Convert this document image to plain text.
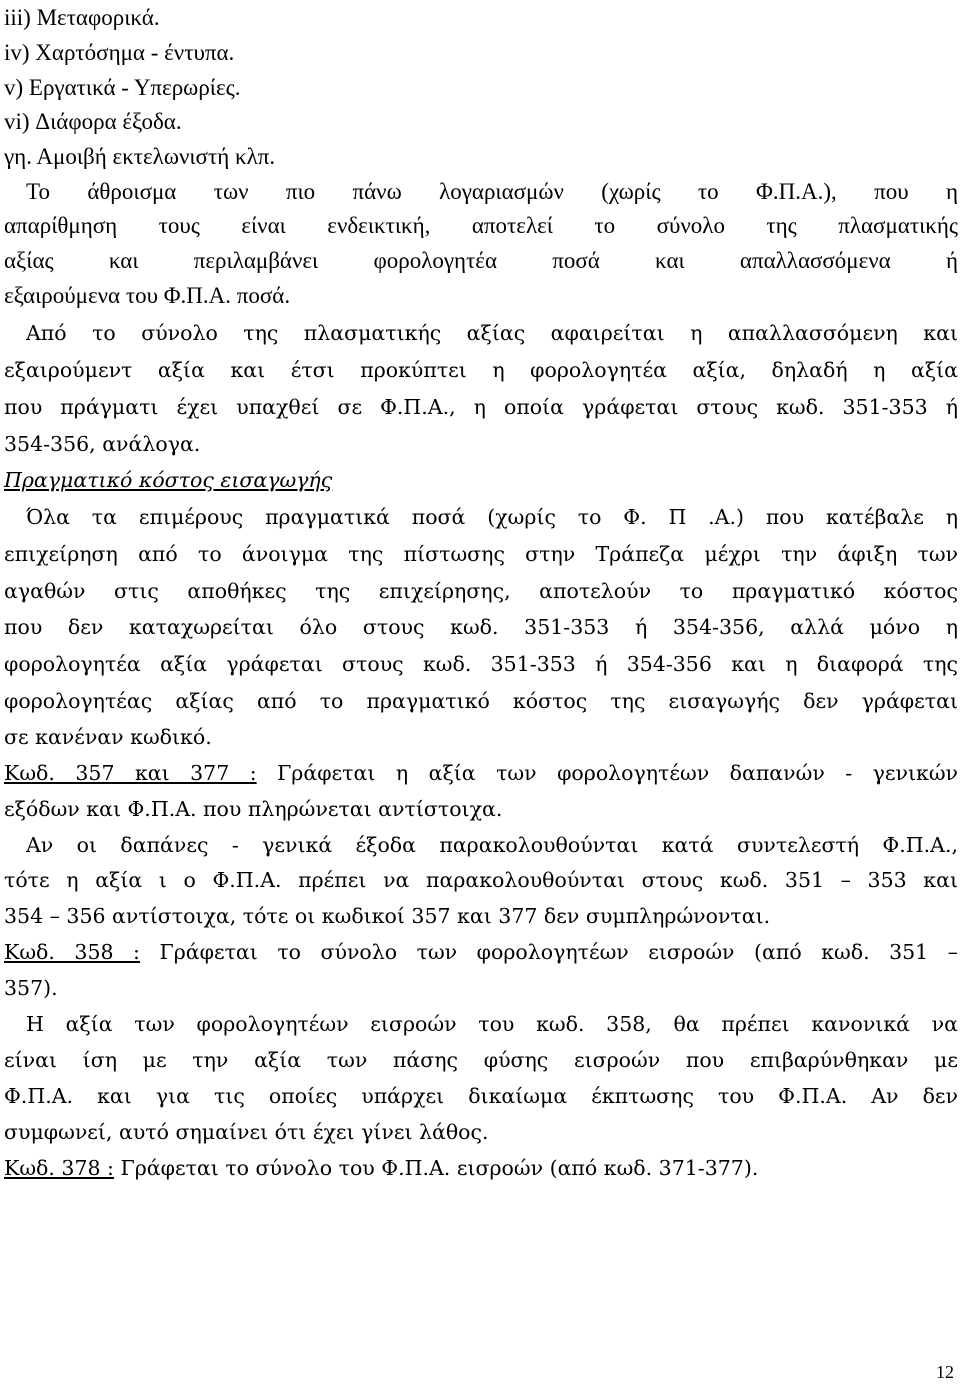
iii) Μεταφορικά.
iv) Χαρτόσημα - έντυπα.
v) Εργατικά - Υπερωρίες.
vi) Διάφορα έξοδα.
γη. Αμοιβή εκτελωνιστή κλπ.
Το άθροισμα των πιο πάνω λογαριασμών (χωρίς το Φ.Π.Α.), που η
απαρίθμηση τους είναι ενδεικτική, αποτελεί το σύνολο της πλασματικής
αξίας και περιλαμβάνει φορολογητέα ποσά και απαλλασσόμενα ή
εξαιρούμενα του Φ.Π.Α. ποσά.
Από το σύνολο της πλασματικής αξίας αφαιρείται η απαλλασσόμενη και
εξαιρούμεντ αξία και έτσι προκύπτει η φορολογητέα αξία, δηλαδή η αξία
που πράγματι έχει υπαχθεί σε Φ.Π.Α., η οποία γράφεται στους κωδ. 351-353 ή
354-356, ανάλογα.
Πραγματικό κόστος εισαγωγής
Όλα τα επιμέρους πραγματικά ποσά (χωρίς το Φ. Π .Α.) που κατέβαλε η
επιχείρηση από το άνοιγμα της πίστωσης στην Τράπεζα μέχρι την άφιξη των
αγαθών στις αποθήκες της επιχείρησης, αποτελούν το πραγματικό κόστος
που δεν καταχωρείται όλο στους κωδ. 351-353 ή 354-356, αλλά μόνο η
φορολογητέα αξία γράφεται στους κωδ. 351-353 ή 354-356 και η διαφορά της
φορολογητέας αξίας από το πραγματικό κόστος της εισαγωγής δεν γράφεται
σε κανέναν κωδικό.
Κωδ. 357 και 377 : Γράφεται η αξία των φορολογητέων δαπανών - γενικών
εξόδων και Φ.Π.Α. που πληρώνεται αντίστοιχα.
Αν οι δαπάνες - γενικά έξοδα παρακολουθούνται κατά συντελεστή Φ.Π.Α.,
τότε η αξία ι ο Φ.Π.Α. πρέπει να παρακολουθούνται στους κωδ. 351 – 353 και
354 – 356 αντίστοιχα, τότε οι κωδικοί 357 και 377 δεν συμπληρώνονται.
Κωδ. 358 : Γράφεται το σύνολο των φορολογητέων εισροών (από κωδ. 351 –
357).
Η αξία των φορολογητέων εισροών του κωδ. 358, θα πρέπει κανονικά να
είναι ίση με την αξία των πάσης φύσης εισροών που επιβαρύνθηκαν με
Φ.Π.Α. και για τις οποίες υπάρχει δικαίωμα έκπτωσης του Φ.Π.Α. Αν δεν
συμφωνεί, αυτό σημαίνει ότι έχει γίνει λάθος.
Κωδ. 378 : Γράφεται το σύνολο του Φ.Π.Α. εισροών (από κωδ. 371-377).
12
